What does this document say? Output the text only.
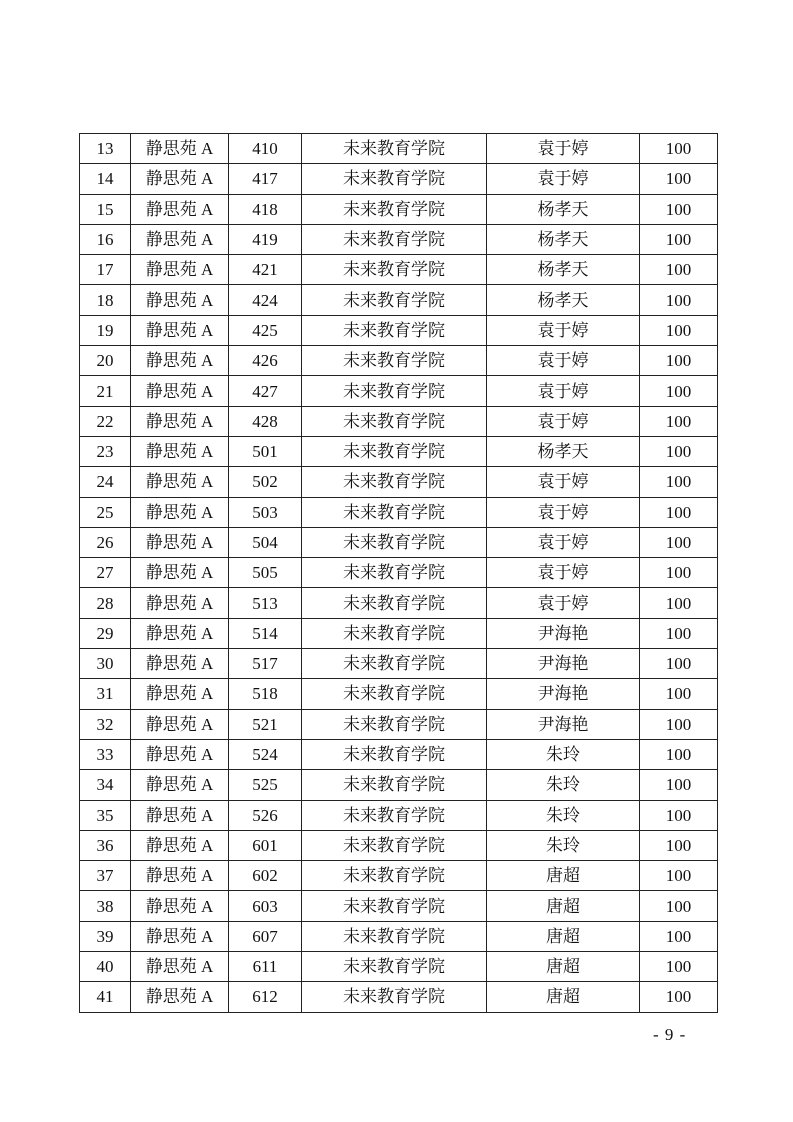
13	静思苑 A	410	未来教育学院	袁于婷	100
14	静思苑 A	417	未来教育学院	袁于婷	100
15	静思苑 A	418	未来教育学院	杨孝天	100
16	静思苑 A	419	未来教育学院	杨孝天	100
17	静思苑 A	421	未来教育学院	杨孝天	100
18	静思苑 A	424	未来教育学院	杨孝天	100
19	静思苑 A	425	未来教育学院	袁于婷	100
20	静思苑 A	426	未来教育学院	袁于婷	100
21	静思苑 A	427	未来教育学院	袁于婷	100
22	静思苑 A	428	未来教育学院	袁于婷	100
23	静思苑 A	501	未来教育学院	杨孝天	100
24	静思苑 A	502	未来教育学院	袁于婷	100
25	静思苑 A	503	未来教育学院	袁于婷	100
26	静思苑 A	504	未来教育学院	袁于婷	100
27	静思苑 A	505	未来教育学院	袁于婷	100
28	静思苑 A	513	未来教育学院	袁于婷	100
29	静思苑 A	514	未来教育学院	尹海艳	100
30	静思苑 A	517	未来教育学院	尹海艳	100
31	静思苑 A	518	未来教育学院	尹海艳	100
32	静思苑 A	521	未来教育学院	尹海艳	100
33	静思苑 A	524	未来教育学院	朱玲	100
34	静思苑 A	525	未来教育学院	朱玲	100
35	静思苑 A	526	未来教育学院	朱玲	100
36	静思苑 A	601	未来教育学院	朱玲	100
37	静思苑 A	602	未来教育学院	唐超	100
38	静思苑 A	603	未来教育学院	唐超	100
39	静思苑 A	607	未来教育学院	唐超	100
40	静思苑 A	611	未来教育学院	唐超	100
41	静思苑 A	612	未来教育学院	唐超	100
- 9 -
